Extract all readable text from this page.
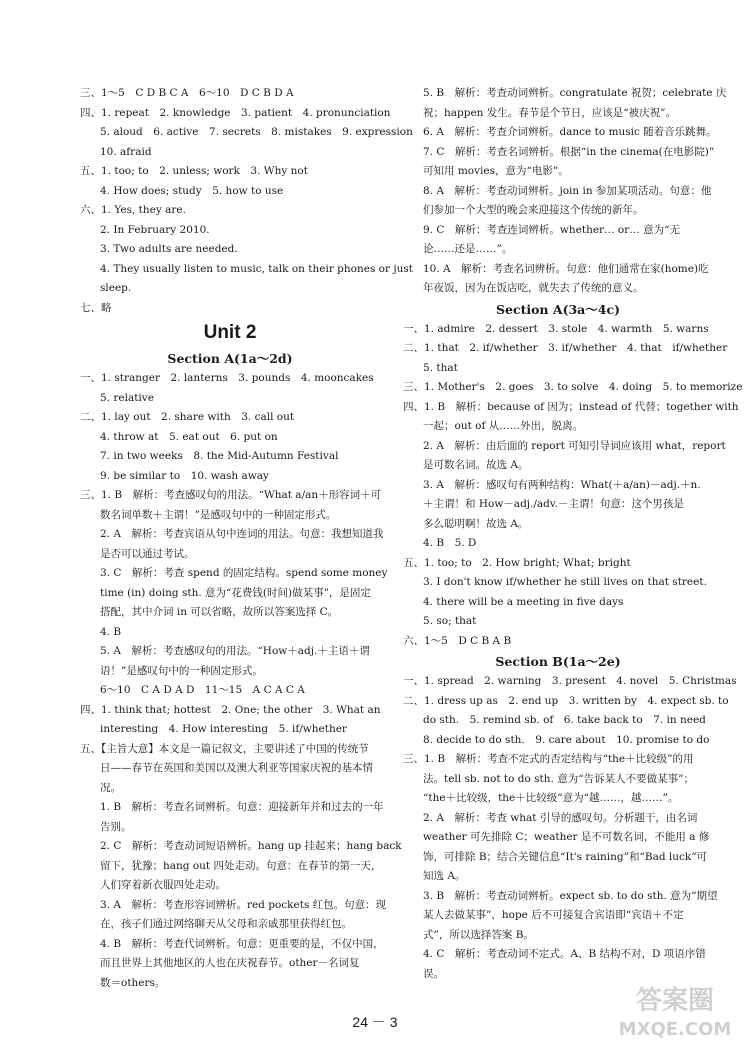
三、1～5　C D B C A　6～10　D C B D A
四、1. repeat　2. knowledge　3. patient　4. pronunciation
5. aloud　6. active　7. secrets　8. mistakes　9. expression
10. afraid
五、1. too; to　2. unless; work　3. Why not
4. How does; study　5. how to use
六、1. Yes, they are.
2. In February 2010.
3. Two adults are needed.
4. They usually listen to music, talk on their phones or just
sleep.
七、略
Unit 2
Section A(1a～2d)
一、1. stranger　2. lanterns　3. pounds　4. mooncakes
5. relative
二、1. lay out　2. share with　3. call out
4. throw at　5. eat out　6. put on
7. in two weeks　8. the Mid-Autumn Festival
9. be similar to　10. wash away
三、1. B　解析：考查感叹句的用法。“What a/an＋形容词＋可
数名词单数＋主谓！”是感叹句中的一种固定形式。
2. A　解析：考查宾语从句中连词的用法。句意：我想知道我
是否可以通过考试。
3. C　解析：考查 spend 的固定结构。spend some money
time (in) doing sth. 意为“花费钱(时间)做某事”，是固定
搭配，其中介词 in 可以省略，故所以答案选择 C。
4. B
5. A　解析：考查感叹句的用法。“How＋adj.＋主语＋谓
语！”是感叹句中的一种固定形式。
6～10　C A D A D　11～15　A C A C A
四、1. think that; hottest　2. One; the other　3. What an
interesting　4. How interesting　5. if/whether
五、【主旨大意】本文是一篇记叙文，主要讲述了中国的传统节
日——春节在英国和美国以及澳大利亚等国家庆祝的基本情
况。
1. B　解析：考查名词辨析。句意：迎接新年并和过去的一年
告别。
2. C　解析：考查动词短语辨析。hang up 挂起来；hang back
留下，犹豫；hang out 四处走动。句意：在春节的第一天，
人们穿着新衣服四处走动。
3. A　解析：考查形容词辨析。red pockets 红包。句意：现
在，孩子们通过网络聊天从父母和亲戚那里获得红包。
4. B　解析：考查代词辨析。句意：更重要的是，不仅中国，
而且世界上其他地区的人也在庆祝春节。other－名词复
数＝others。
5. B　解析：考查动词辨析。congratulate 祝贺；celebrate 庆
祝；happen 发生。春节是个节日，应该是“被庆祝”。
6. A　解析：考查介词辨析。dance to music 随着音乐跳舞。
7. C　解析：考查名词辨析。根据“in the cinema(在电影院)”
可知用 movies，意为“电影”。
8. A　解析：考查动词辨析。join in 参加某项活动。句意：他
们参加一个大型的晚会来迎接这个传统的新年。
9. C　解析：考查连词辨析。whether… or… 意为“无
论……还是……”。
10. A　解析：考查名词辨析。句意：他们通常在家(home)吃
年夜饭，因为在饭店吃，就失去了传统的意义。
Section A(3a～4c)
一、1. admire　2. dessert　3. stole　4. warmth　5. warns
二、1. that　2. if/whether　3. if/whether　4. that　if/whether
5. that
三、1. Mother's　2. goes　3. to solve　4. doing　5. to memorize
四、1. B　解析：because of 因为；instead of 代替；together with
一起；out of 从……外出，脱离。
2. A　解析：由后面的 report 可知引导词应该用 what，report
是可数名词。故选 A。
3. A　解析：感叹句有两种结构：What(＋a/an)－adj.＋n.
＋主谓！和 How－adj./adv.－主谓！句意：这个男孩是
多么聪明啊！故选 A。
4. B　5. D
五、1. too; to　2. How bright; What; bright
3. I don't know if/whether he still lives on that street.
4. there will be a meeting in five days
5. so; that
六、1～5　D C B A B
Section B(1a～2e)
一、1. spread　2. warning　3. present　4. novel　5. Christmas
二、1. dress up as　2. end up　3. written by　4. expect sb. to
do sth.　5. remind sb. of　6. take back to　7. in need
8. decide to do sth.　9. care about　10. promise to do
三、1. B　解析：考查不定式的否定结构与“the＋比较级”的用
法。tell sb. not to do sth. 意为“告诉某人不要做某事”；
“the＋比较级，the＋比较级”意为“越……，越……”。
2. A　解析：考查 what 引导的感叹句。分析题干，由名词
weather 可先排除 C；weather 是不可数名词，不能用 a 修
饰，可排除 B；结合关键信息“It's raining”和“Bad luck”可
知选 A。
3. B　解析：考查动词辨析。expect sb. to do sth. 意为“期望
某人去做某事”，hope 后不可接复合宾语即“宾语＋不定
式”，所以选择答案 B。
4. C　解析：考查动词不定式。A、B 结构不对，D 项语序错
误。
24 － 3
答案圈
MXQE.COM
